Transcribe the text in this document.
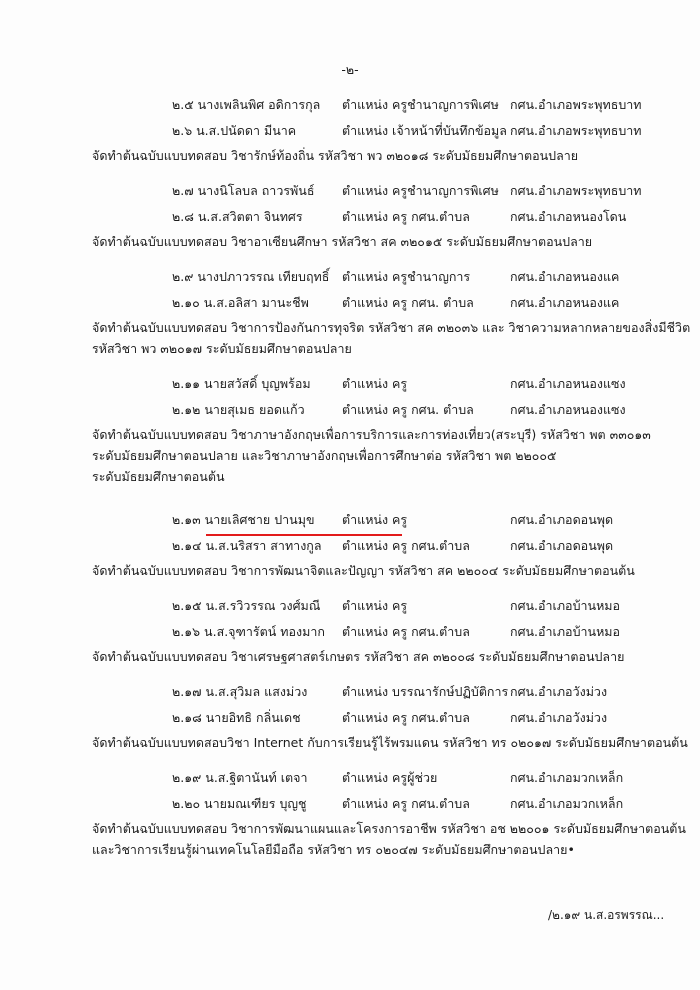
-๒-
๒.๕ นางเพลินพิศ อดิการกุล ตำแหน่ง ครูชำนาญการพิเศษ กศน.อำเภอพระพุทธบาท
๒.๖ น.ส.ปนัดดา มีนาค	ตำแหน่ง เจ้าหน้าที่บันทึกข้อมูล กศน.อำเภอพระพุทธบาท
จัดทำต้นฉบับแบบทดสอบ วิชารักษ์ท้องถิ่น รหัสวิชา พว ๓๒๐๑๘ ระดับมัธยมศึกษาตอนปลาย
๒.๗ นางนิโลบล ถาวรพันธ์ ตำแหน่ง ครูชำนาญการพิเศษ กศน.อำเภอพระพุทธบาท
๒.๘ น.ส.สวิตตา จินทศร	ตำแหน่ง ครู กศน.ตำบล	กศน.อำเภอหนองโดน
จัดทำต้นฉบับแบบทดสอบ วิชาอาเซียนศึกษา รหัสวิชา สค ๓๒๐๑๕ ระดับมัธยมศึกษาตอนปลาย
๒.๙ นางปภาวรรณ เทียบฤทธิ์ ตำแหน่ง ครูชำนาญการ	กศน.อำเภอหนองแค
๒.๑๐ น.ส.อลิสา มานะชีพ	ตำแหน่ง ครู กศน. ตำบล	กศน.อำเภอหนองแค
จัดทำต้นฉบับแบบทดสอบ วิชาการป้องกันการทุจริต รหัสวิชา สค ๓๒๐๓๖ และ วิชาความหลากหลายของสิ่งมีชีวิต
รหัสวิชา พว ๓๒๐๑๗ ระดับมัธยมศึกษาตอนปลาย
๒.๑๑ นายสวัสดิ์ บุญพร้อม	ตำแหน่ง ครู	กศน.อำเภอหนองแซง
๒.๑๒ นายสุเมธ ยอดแก้ว	ตำแหน่ง ครู กศน. ตำบล	กศน.อำเภอหนองแซง
จัดทำต้นฉบับแบบทดสอบ วิชาภาษาอังกฤษเพื่อการบริการและการท่องเที่ยว(สระบุรี) รหัสวิชา พต ๓๓๐๑๓
ระดับมัธยมศึกษาตอนปลาย และวิชาภาษาอังกฤษเพื่อการศึกษาต่อ รหัสวิชา พต ๒๒๐๐๕
ระดับมัธยมศึกษาตอนต้น
๒.๑๓ นายเลิศชาย ปานมุข ตำแหน่ง ครู	กศน.อำเภอดอนพุด
๒.๑๔ น.ส.นริสรา สาทางกูล ตำแหน่ง ครู กศน.ตำบล	กศน.อำเภอดอนพุด
จัดทำต้นฉบับแบบทดสอบ วิชาการพัฒนาจิตและปัญญา รหัสวิชา สค ๒๒๐๐๔ ระดับมัธยมศึกษาตอนต้น
๒.๑๕ น.ส.รวิวรรณ วงศ์มณี ตำแหน่ง ครู	กศน.อำเภอบ้านหมอ
๒.๑๖ น.ส.จุฑารัตน์ ทองมาก ตำแหน่ง ครู กศน.ตำบล	กศน.อำเภอบ้านหมอ
จัดทำต้นฉบับแบบทดสอบ วิชาเศรษฐศาสตร์เกษตร รหัสวิชา สค ๓๒๐๐๘ ระดับมัธยมศึกษาตอนปลาย
๒.๑๗ น.ส.สุวิมล แสงม่วง	ตำแหน่ง บรรณารักษ์ปฏิบัติการ กศน.อำเภอวังม่วง
๒.๑๘ นายอิทธิ กลิ่นเดช	ตำแหน่ง ครู กศน.ตำบล	กศน.อำเภอวังม่วง
จัดทำต้นฉบับแบบทดสอบวิชา Internet กับการเรียนรู้ไร้พรมแดน รหัสวิชา ทร ๐๒๐๑๗ ระดับมัธยมศึกษาตอนต้น
๒.๑๙ น.ส.ฐิตานันท์ เตจา	ตำแหน่ง ครูผู้ช่วย	กศน.อำเภอมวกเหล็ก
๒.๒๐ นายมณเฑียร บุญชู	ตำแหน่ง ครู กศน.ตำบล	กศน.อำเภอมวกเหล็ก
จัดทำต้นฉบับแบบทดสอบ วิชาการพัฒนาแผนและโครงการอาชีพ รหัสวิชา อช ๒๒๐๐๑ ระดับมัธยมศึกษาตอนต้น
และวิชาการเรียนรู้ผ่านเทคโนโลยีมือถือ รหัสวิชา ทร ๐๒๐๔๗ ระดับมัธยมศึกษาตอนปลาย•
/๒.๑๙ น.ส.อรพรรณ...
